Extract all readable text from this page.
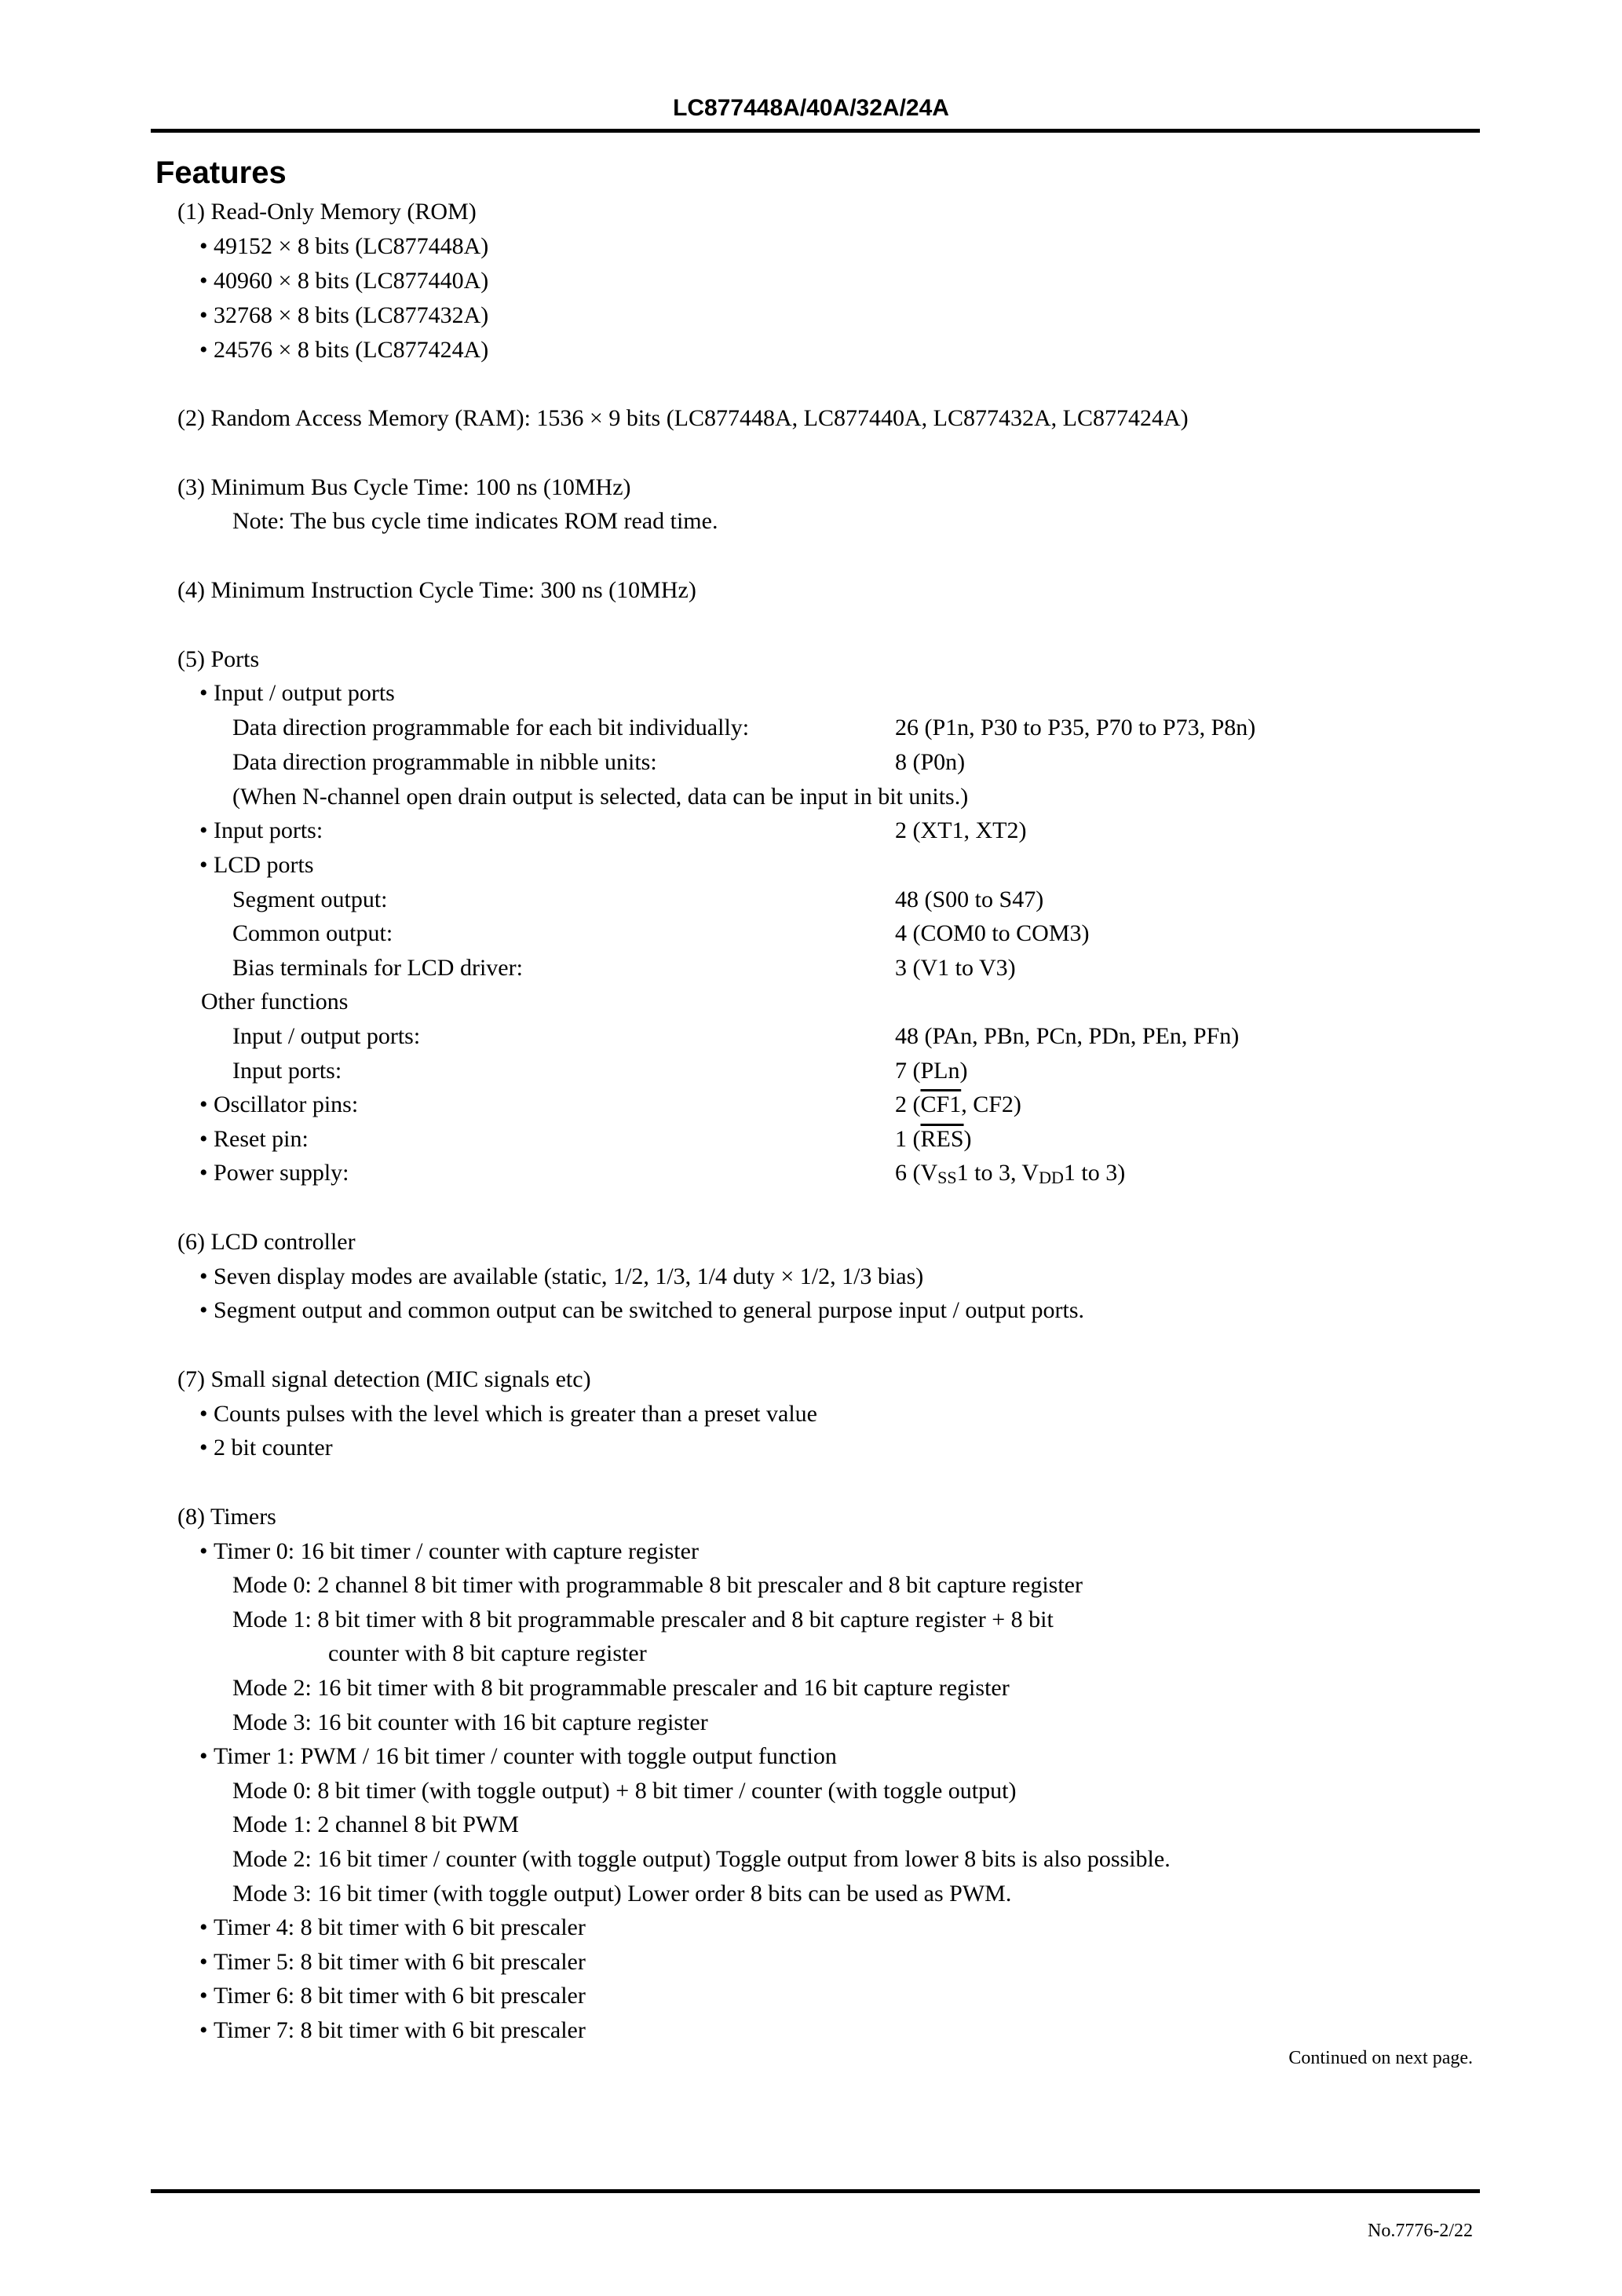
LC877448A/40A/32A/24A
Features
(1) Read-Only Memory (ROM)
• 49152 × 8 bits (LC877448A)
• 40960 × 8 bits (LC877440A)
• 32768 × 8 bits (LC877432A)
• 24576 × 8 bits (LC877424A)
(2) Random Access Memory (RAM): 1536 × 9 bits (LC877448A, LC877440A, LC877432A, LC877424A)
(3) Minimum Bus Cycle Time: 100 ns (10MHz)
Note: The bus cycle time indicates ROM read time.
(4) Minimum Instruction Cycle Time: 300 ns (10MHz)
(5) Ports
• Input / output ports
Data direction programmable for each bit individually:	26 (P1n, P30 to P35, P70 to P73, P8n)
Data direction programmable in nibble units:	8 (P0n)
(When N-channel open drain output is selected, data can be input in bit units.)
• Input ports:	2 (XT1, XT2)
• LCD ports
Segment output:	48 (S00 to S47)
Common output:	4 (COM0 to COM3)
Bias terminals for LCD driver:	3 (V1 to V3)
Other functions
Input / output ports:	48 (PAn, PBn, PCn, PDn, PEn, PFn)
Input ports:	7 (PLn)
• Oscillator pins:	2 (CF1, CF2)
• Reset pin:	1 $(\overline{RES})$
• Power supply:	6 (VSS1 to 3, VDD1 to 3)
(6) LCD controller
• Seven display modes are available (static, 1/2, 1/3, 1/4 duty × 1/2, 1/3 bias)
• Segment output and common output can be switched to general purpose input / output ports.
(7) Small signal detection (MIC signals etc)
• Counts pulses with the level which is greater than a preset value
• 2 bit counter
(8) Timers
• Timer 0: 16 bit timer / counter with capture register
Mode 0: 2 channel 8 bit timer with programmable 8 bit prescaler and 8 bit capture register
Mode 1: 8 bit timer with 8 bit programmable prescaler and 8 bit capture register + 8 bit
counter with 8 bit capture register
Mode 2: 16 bit timer with 8 bit programmable prescaler and 16 bit capture register
Mode 3: 16 bit counter with 16 bit capture register
• Timer 1: PWM / 16 bit timer / counter with toggle output function
Mode 0: 8 bit timer (with toggle output) + 8 bit timer / counter (with toggle output)
Mode 1: 2 channel 8 bit PWM
Mode 2: 16 bit timer / counter (with toggle output) Toggle output from lower 8 bits is also possible.
Mode 3: 16 bit timer (with toggle output) Lower order 8 bits can be used as PWM.
• Timer 4: 8 bit timer with 6 bit prescaler
• Timer 5: 8 bit timer with 6 bit prescaler
• Timer 6: 8 bit timer with 6 bit prescaler
• Timer 7: 8 bit timer with 6 bit prescaler
Continued on next page.
No.7776-2/22
